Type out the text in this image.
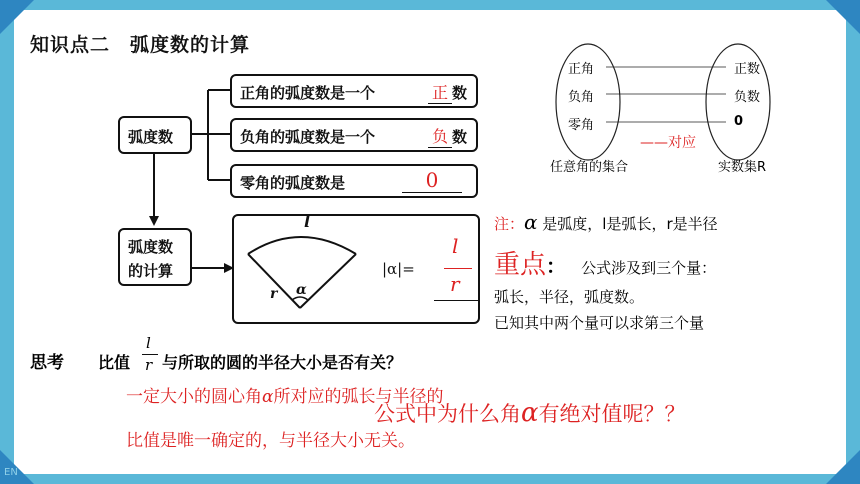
EN
知识点二　弧度数的计算
弧度数
正角的弧度数是一个	正 数
负角的弧度数是一个	负 数
零角的弧度数是	0
弧度数
的计算
l
r α
|α|=
l
r
思考 比值
l
r 与所取的圆的半径大小是否有关？
正角
负角
零角
正数
负数
0
——对应
任意角的集合	实数集R
注：α 是弧度，l是弧长，r是半径
重点： 公式涉及到三个量：
弧长，半径，弧度数。
已知其中两个量可以求第三个量
一定大小的圆心角α所对应的弧长与半径的
比值是唯一确定的，与半径大小无关。
公式中为什么角α有绝对值呢？？
